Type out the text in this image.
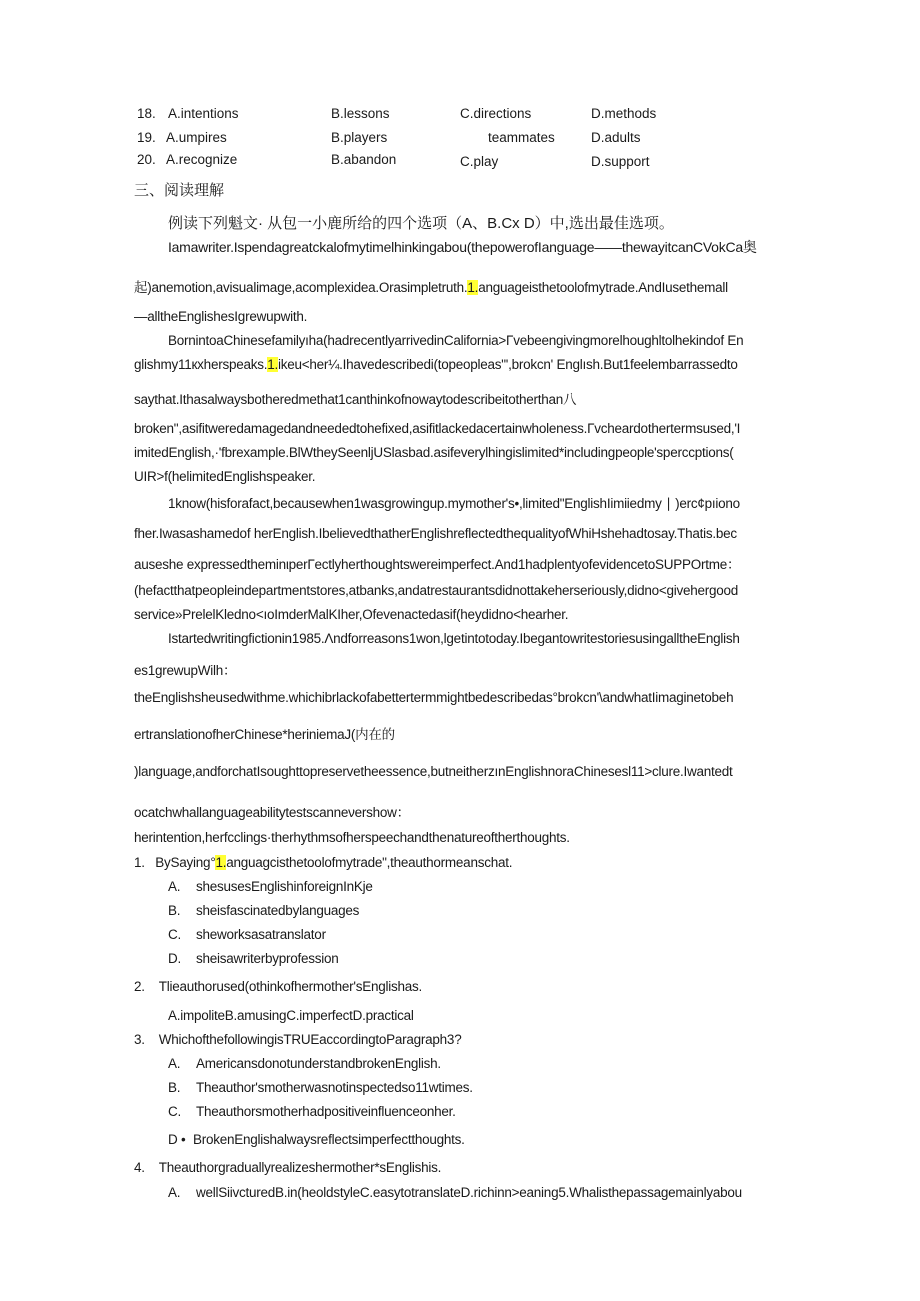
18. A.intentions	B.lessons	C.directions	D.methods
19. A.umpires	B.players	teammates	D.adults
20. A.recognize	B.abandon	C.play	D.support
三、阅读理解
例读下列魁文· 从包一小鹿所给的四个选项（A、B.Cx D）中,选出最佳选项。
Iamawriter.Ispendagreatckalofmytimelhinkingabou(thepowerofIanguage——thewayitcanCVokCa奥
起)anemotion,avisualimage,acomplexidea.Orasimpletruth.1.anguageisthetoolofmytrade.AndIusethemall
—alltheEnglishesIgrewupwith.
BornintoaChinesefamilyıha(hadrecentlyarrivedinCalifornia>Γvebeengivingmorelhoughltolhekindof En
glishmy11кxherspeaks.1.ikeu<her¼.Ihavedescribedi(topeopleas"',brokcn' Englısh.But1feelembarrassedto
saythat.Ithasalwaysbotheredmethat1canthinkofnowaytodescribeitotherthan八
broken",asifitweredamagedandneededtohefixed,asifitlackedacertainwholeness.Γvcheardothertermsused,'I
imitedEnglish,·'fbrexample.BlWtheySeenljUSlasbad.asifeverylhingislimited*includingpeople'spercсptions(
UIR>f(helimitedEnglishspeaker.
1know(hisforafact,becausewhen1wasgrowingup.mymother's•,limited"EnglishIimiiedmy ∣ )erc¢pıiono
fher.Iwasashamedof herEnglish.IbelievedthatherEnglishreflectedthequalityofWhiHshehadtosay.Thatis.bec
auseshe expressedtheminιperΓectlyherthoughtswereimperfect.And1hadplentyofevidencetoSUPPOrtme：
(hefactthatpeopleindepartmentstores,atbanks,andatrestaurantsdidnottakeherseriously,didno<givehergood
service»PrelelKledno<ıoImderMalKIher,Ofevenactedasif(heydidno<hearher.
Istartedwritingfictionin1985.Λndforreasons1won,lgetintotoday.IbegantowritestoriesusingalltheEnglish
es1grewupWilh：
theEnglishsheusedwithme.whichibrlackofabettertermmightbedescribedas°brokcn'\andwhatIimaginetobeh
ertranslationofherChinese*heriniemaJ(内在的
)language,andforchatIsoughttopreservetheessence,butneitherzınEnglishnoraChinesesl11>clure.Iwantedt
ocatchwhallanguageabilitytestscanneνershow：
herintention,herfcclings·therhythmsofherspeechandthenatureoftherthoughts.
1. BySaying°1.anguagcisthetoolofmytrade",theauthormeanschat.
A. shesusesEnglishinforeignInKje
B. sheisfascinatedbylanguages
C. sheworksasatranslator
D. sheisawriterbyprofession
2. Tlieauthorused(othinkofhermother'sEnglishas.
A.impoliteB.amusingC.imperfectD.practical
3. WhichofthefollowingisTRUEaccordingtoParagraph3?
A. AmericansdonotunderstandbrokenEnglish.
B. Theauthor'smotherwasnotinspectedso11wtimes.
C. Theauthorsmotherhadpositiveinfluenceonher.
D • BrokenEnglishalwaysreflectsimperfectthoughts.
4. Theauthorgraduallyrealizeshermother*sEnglishis.
A. wellSiivcturedB.in(heoldstyleC.easytotranslateD.richinn>eaning5.Whalisthepassagemainlyabou
